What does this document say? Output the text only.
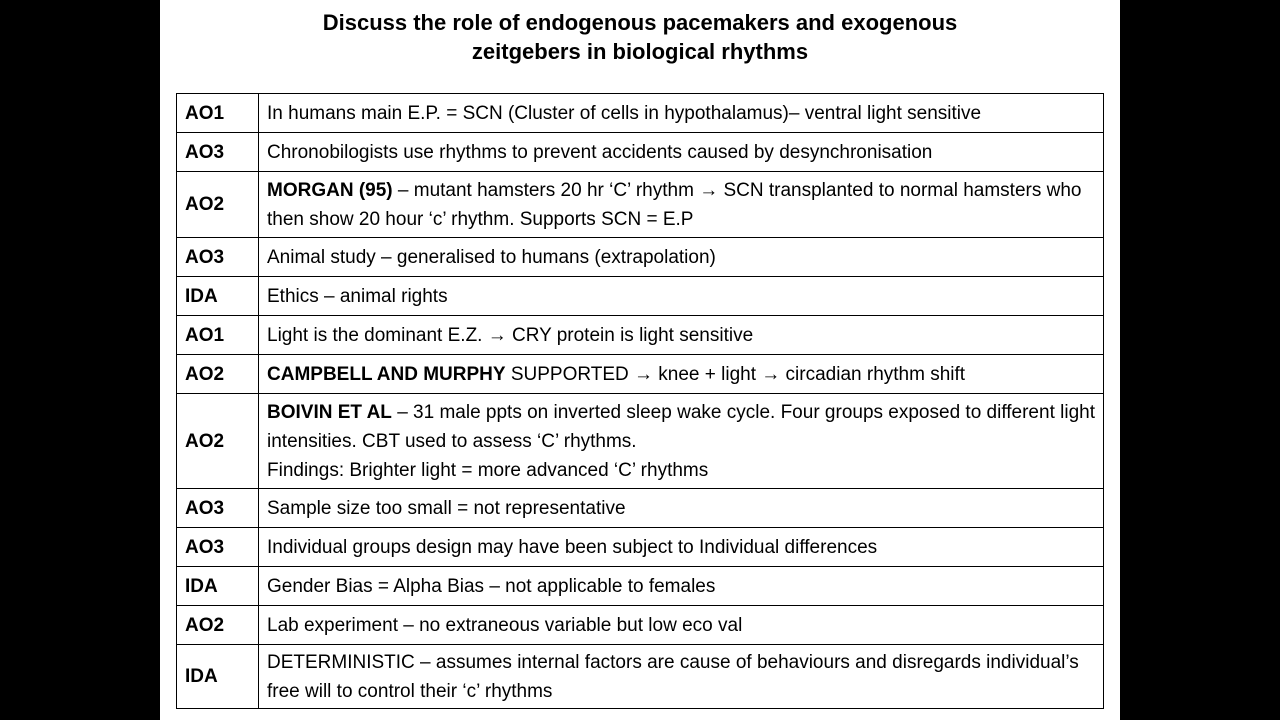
Discuss the role of endogenous pacemakers and exogenous
zeitgebers in biological rhythms
AO1	In humans main E.P. = SCN (Cluster of cells in hypothalamus)– ventral light sensitive
AO3	Chronobilogists use rhythms to prevent accidents caused by desynchronisation
AO2	MORGAN (95) – mutant hamsters 20 hr ‘C’ rhythm → SCN transplanted to normal hamsters who then show 20 hour ‘c’ rhythm. Supports SCN = E.P
AO3	Animal study – generalised to humans (extrapolation)
IDA	Ethics – animal rights
AO1	Light is the dominant E.Z. → CRY protein is light sensitive
AO2	CAMPBELL AND MURPHY SUPPORTED → knee + light → circadian rhythm shift
AO2	BOIVIN ET AL – 31 male ppts on inverted sleep wake cycle. Four groups exposed to different light intensities. CBT used to assess ‘C’ rhythms.
Findings: Brighter light = more advanced ‘C’ rhythms
AO3	Sample size too small = not representative
AO3	Individual groups design may have been subject to Individual differences
IDA	Gender Bias = Alpha Bias – not applicable to females
AO2	Lab experiment – no extraneous variable but low eco val
IDA	DETERMINISTIC – assumes internal factors are cause of behaviours and disregards individual’s free will to control their ‘c’ rhythms
